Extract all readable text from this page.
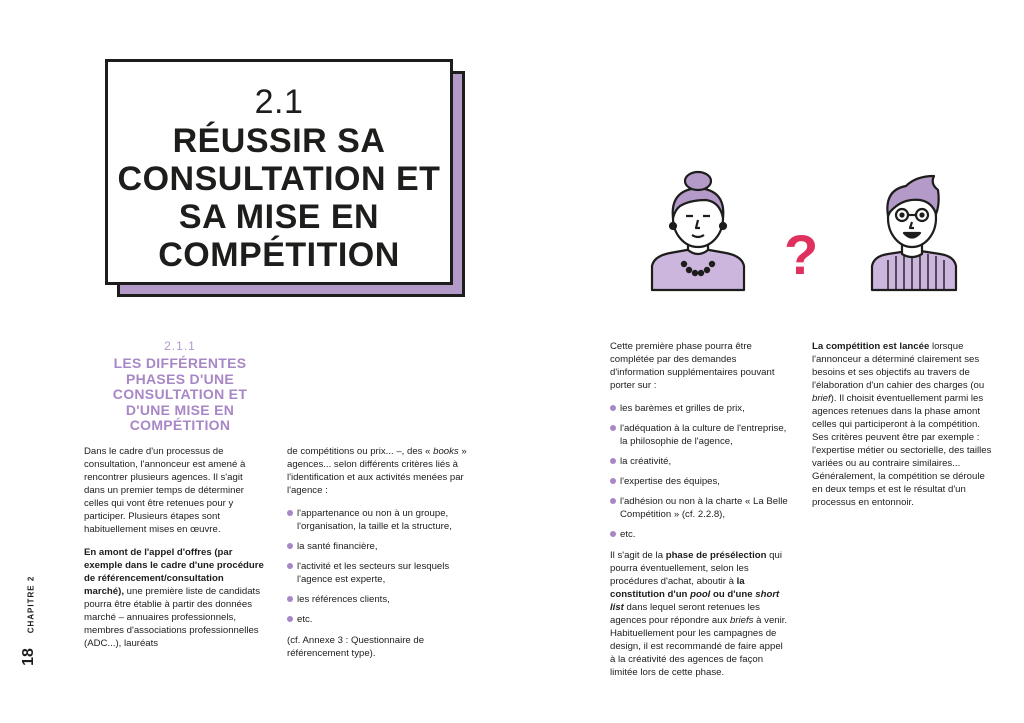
2.1
RÉUSSIR SA CONSULTATION ET SA MISE EN COMPÉTITION	?
2.1.1
LES DIFFÉRENTES PHASES D'UNE CONSULTATION ET D'UNE MISE EN COMPÉTITION

Dans le cadre d'un processus de consultation, l'annonceur est amené à rencontrer plusieurs agences. Il s'agit dans un premier temps de déterminer celles qui vont être retenues pour y participer. Plusieurs étapes sont habituellement mises en œuvre.

En amont de l'appel d'offres (par exemple dans le cadre d'une procédure de référencement/consultation marché), une première liste de candidats pourra être établie à partir des données marché – annuaires professionnels, membres d'associations professionnelles (ADC...), lauréats

de compétitions ou prix... –, des « books » agences... selon différents critères liés à l'identification et aux activités menées par l'agence :

l'appartenance ou non à un groupe, l'organisation, la taille et la structure,
la santé financière,
l'activité et les secteurs sur lesquels l'agence est experte,
les références clients,
etc.

(cf. Annexe 3 : Questionnaire de référencement type).

Cette première phase pourra être complétée par des demandes d'information supplémentaires pouvant porter sur :

les barèmes et grilles de prix,
l'adéquation à la culture de l'entreprise, la philosophie de l'agence,
la créativité,
l'expertise des équipes,
l'adhésion ou non à la charte « La Belle Compétition » (cf. 2.2.8),
etc.

Il s'agit de la phase de présélection qui pourra éventuellement, selon les procédures d'achat, aboutir à la constitution d'un pool ou d'une short list dans lequel seront retenues les agences pour répondre aux briefs à venir. Habituellement pour les campagnes de design, il est recommandé de faire appel à la créativité des agences de façon limitée lors de cette phase.

La compétition est lancée lorsque l'annonceur a déterminé clairement ses besoins et ses objectifs au travers de l'élaboration d'un cahier des charges (ou brief). Il choisit éventuellement parmi les agences retenues dans la phase amont celles qui participeront à la compétition. Ses critères peuvent être par exemple : l'expertise métier ou sectorielle, des tailles variées ou au contraire similaires... Généralement, la compétition se déroule en deux temps et est le résultat d'un processus en entonnoir.

CHAPITRE 2
18
